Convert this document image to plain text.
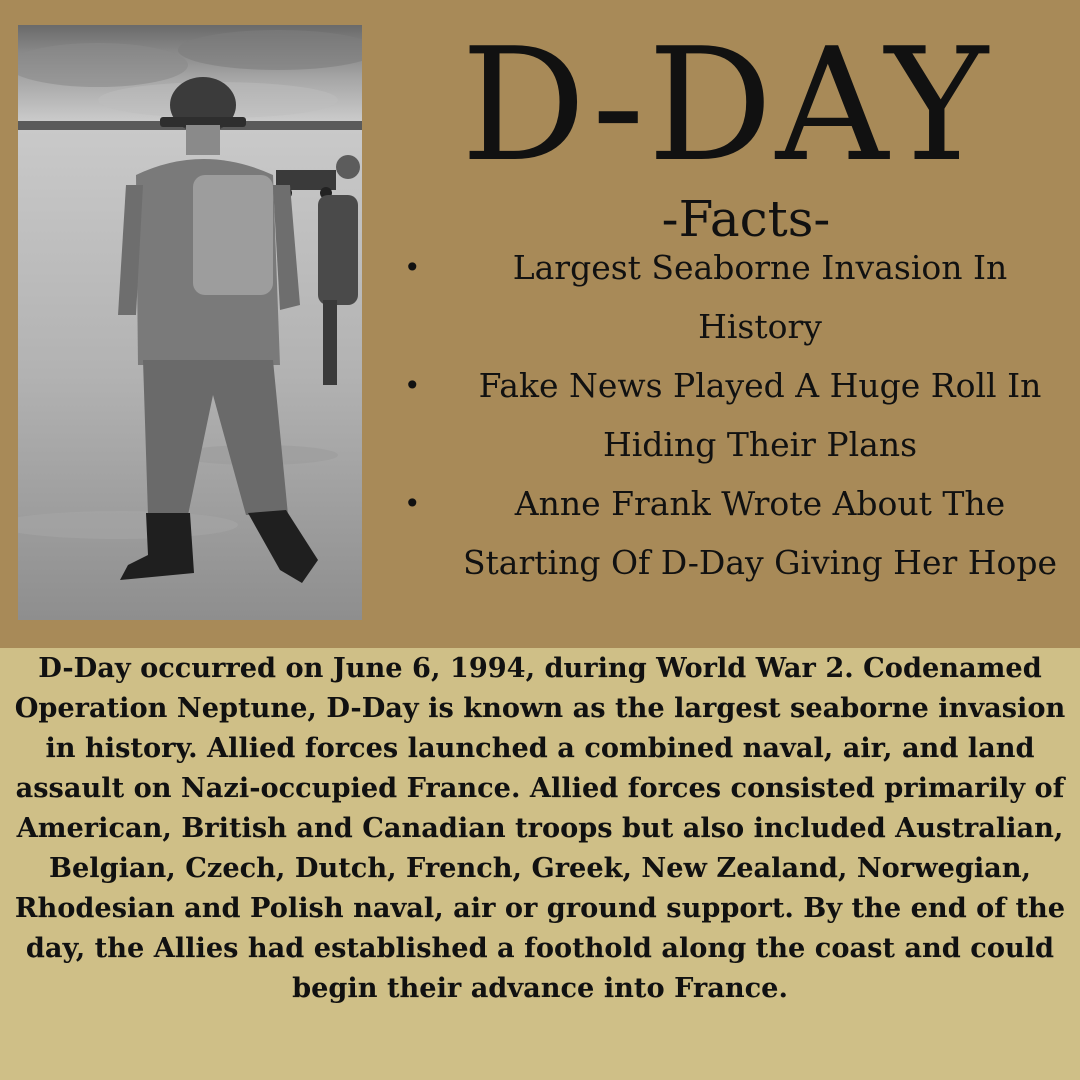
D-DAY
-Facts-
•	Largest Seaborne Invasion In History
• Fake News Played A Huge Roll In Hiding Their Plans
•	Anne Frank Wrote About The Starting Of D-Day Giving Her Hope

D-Day occurred on June 6, 1994, during World War 2. Codenamed Operation Neptune, D-Day is known as the largest seaborne invasion in history. Allied forces launched a combined naval, air, and land assault on Nazi-occupied France. Allied forces consisted primarily of American, British and Canadian troops but also included Australian, Belgian, Czech, Dutch, French, Greek, New Zealand, Norwegian, Rhodesian and Polish naval, air or ground support. By the end of the day, the Allies had established a foothold along the coast and could begin their advance into France.
